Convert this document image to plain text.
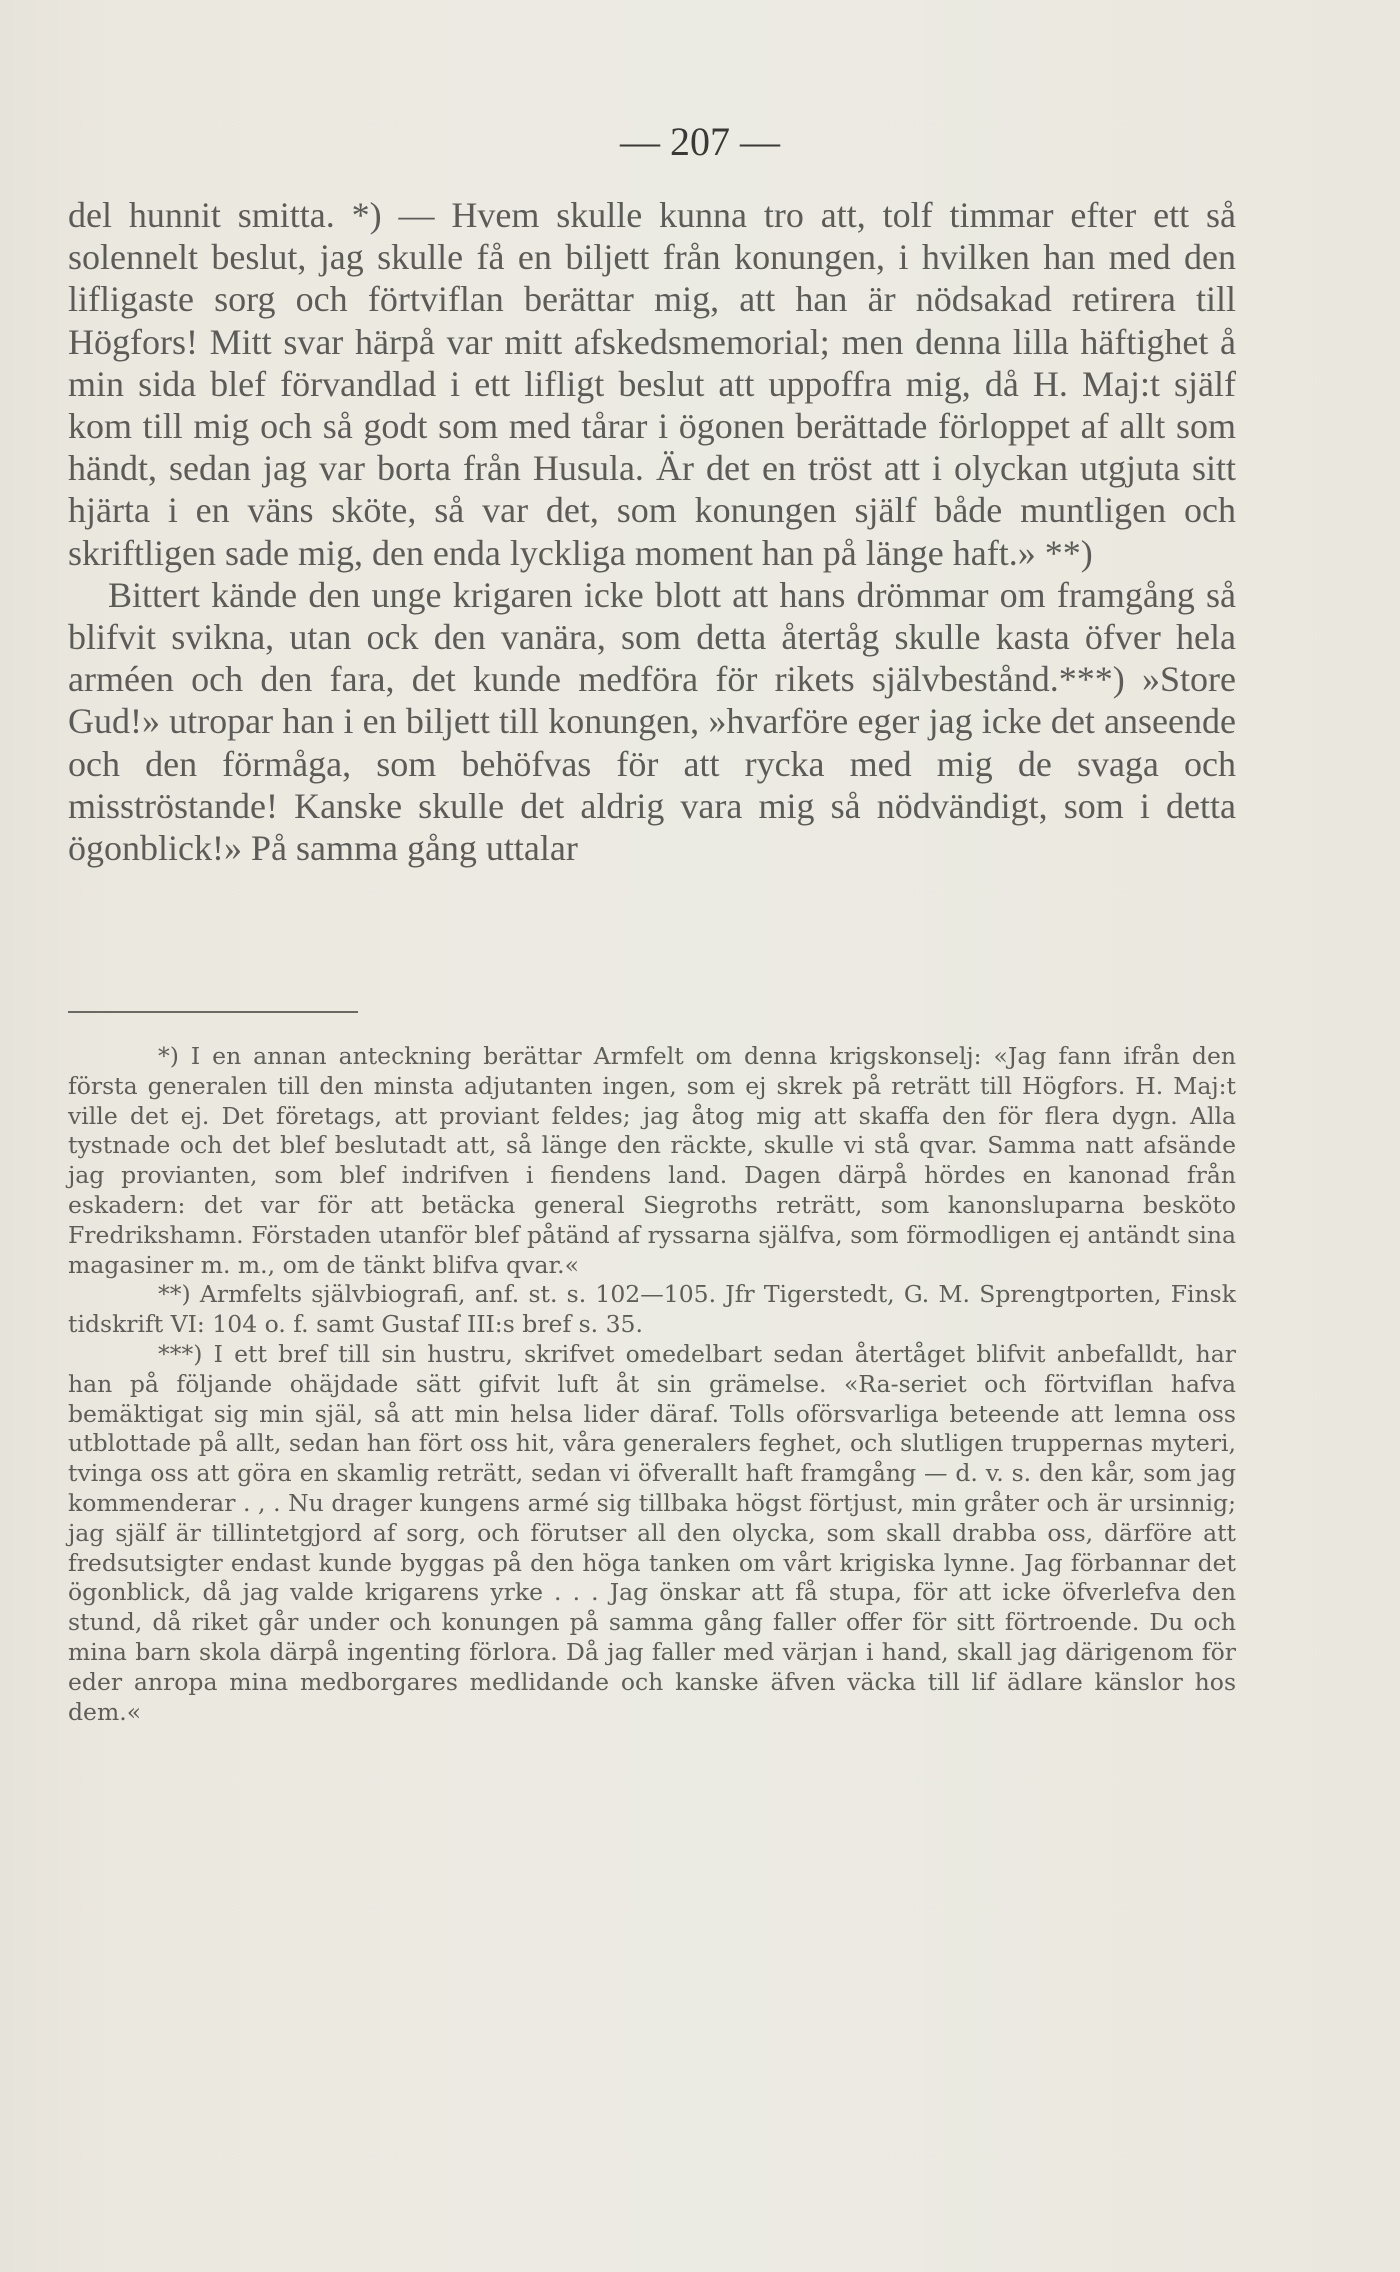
— 207 —

del hunnit smitta. *) — Hvem skulle kunna tro att, tolf timmar efter ett så solennelt beslut, jag skulle få en biljett från konungen, i hvilken han med den lifligaste sorg och förtviflan berättar mig, att han är nödsakad retirera till Högfors! Mitt svar härpå var mitt afskedsmemorial; men denna lilla häftighet å min sida blef förvandlad i ett lifligt beslut att uppoffra mig, då H. Maj:t själf kom till mig och så godt som med tårar i ögonen berättade förloppet af allt som händt, sedan jag var borta från Husula. Är det en tröst att i olyckan utgjuta sitt hjärta i en väns sköte, så var det, som konungen själf både muntligen och skriftligen sade mig, den enda lyckliga moment han på länge haft.» **)

Bittert kände den unge krigaren icke blott att hans drömmar om framgång så blifvit svikna, utan ock den vanära, som detta återtåg skulle kasta öfver hela arméen och den fara, det kunde medföra för rikets självbestånd.***) »Store Gud!» utropar han i en biljett till konungen, »hvarföre eger jag icke det anseende och den förmåga, som behöfvas för att rycka med mig de svaga och misströstande! Kanske skulle det aldrig vara mig så nödvändigt, som i detta ögonblick!» På samma gång uttalar

*) I en annan anteckning berättar Armfelt om denna krigskonselj: «Jag fann ifrån den första generalen till den minsta adjutanten ingen, som ej skrek på reträtt till Högfors. H. Maj:t ville det ej. Det företags, att proviant feldes; jag åtog mig att skaffa den för flera dygn. Alla tystnade och det blef beslutadt att, så länge den räckte, skulle vi stå qvar. Samma natt afsände jag provianten, som blef indrifven i fiendens land. Dagen därpå hördes en kanonad från eskadern: det var för att betäcka general Siegroths reträtt, som kanonsluparna besköto Fredrikshamn. Förstaden utanför blef påtänd af ryssarna själfva, som förmodligen ej antändt sina magasiner m. m., om de tänkt blifva qvar.«

**) Armfelts självbiografi, anf. st. s. 102—105. Jfr Tigerstedt, G. M. Sprengtporten, Finsk tidskrift VI: 104 o. f. samt Gustaf III:s bref s. 35.

***) I ett bref till sin hustru, skrifvet omedelbart sedan återtåget blifvit anbefalldt, har han på följande ohäjdade sätt gifvit luft åt sin grämelse. «Ra-seriet och förtviflan hafva bemäktigat sig min själ, så att min helsa lider däraf. Tolls oförsvarliga beteende att lemna oss utblottade på allt, sedan han fört oss hit, våra generalers feghet, och slutligen truppernas myteri, tvinga oss att göra en skamlig reträtt, sedan vi öfverallt haft framgång — d. v. s. den kår, som jag kommenderar . , . Nu drager kungens armé sig tillbaka högst förtjust, min gråter och är ursinnig; jag själf är tillintetgjord af sorg, och förutser all den olycka, som skall drabba oss, därföre att fredsutsigter endast kunde byggas på den höga tanken om vårt krigiska lynne. Jag förbannar det ögonblick, då jag valde krigarens yrke . . . Jag önskar att få stupa, för att icke öfverlefva den stund, då riket går under och konungen på samma gång faller offer för sitt förtroende. Du och mina barn skola därpå ingenting förlora. Då jag faller med värjan i hand, skall jag därigenom för eder anropa mina medborgares medlidande och kanske äfven väcka till lif ädlare känslor hos dem.«
